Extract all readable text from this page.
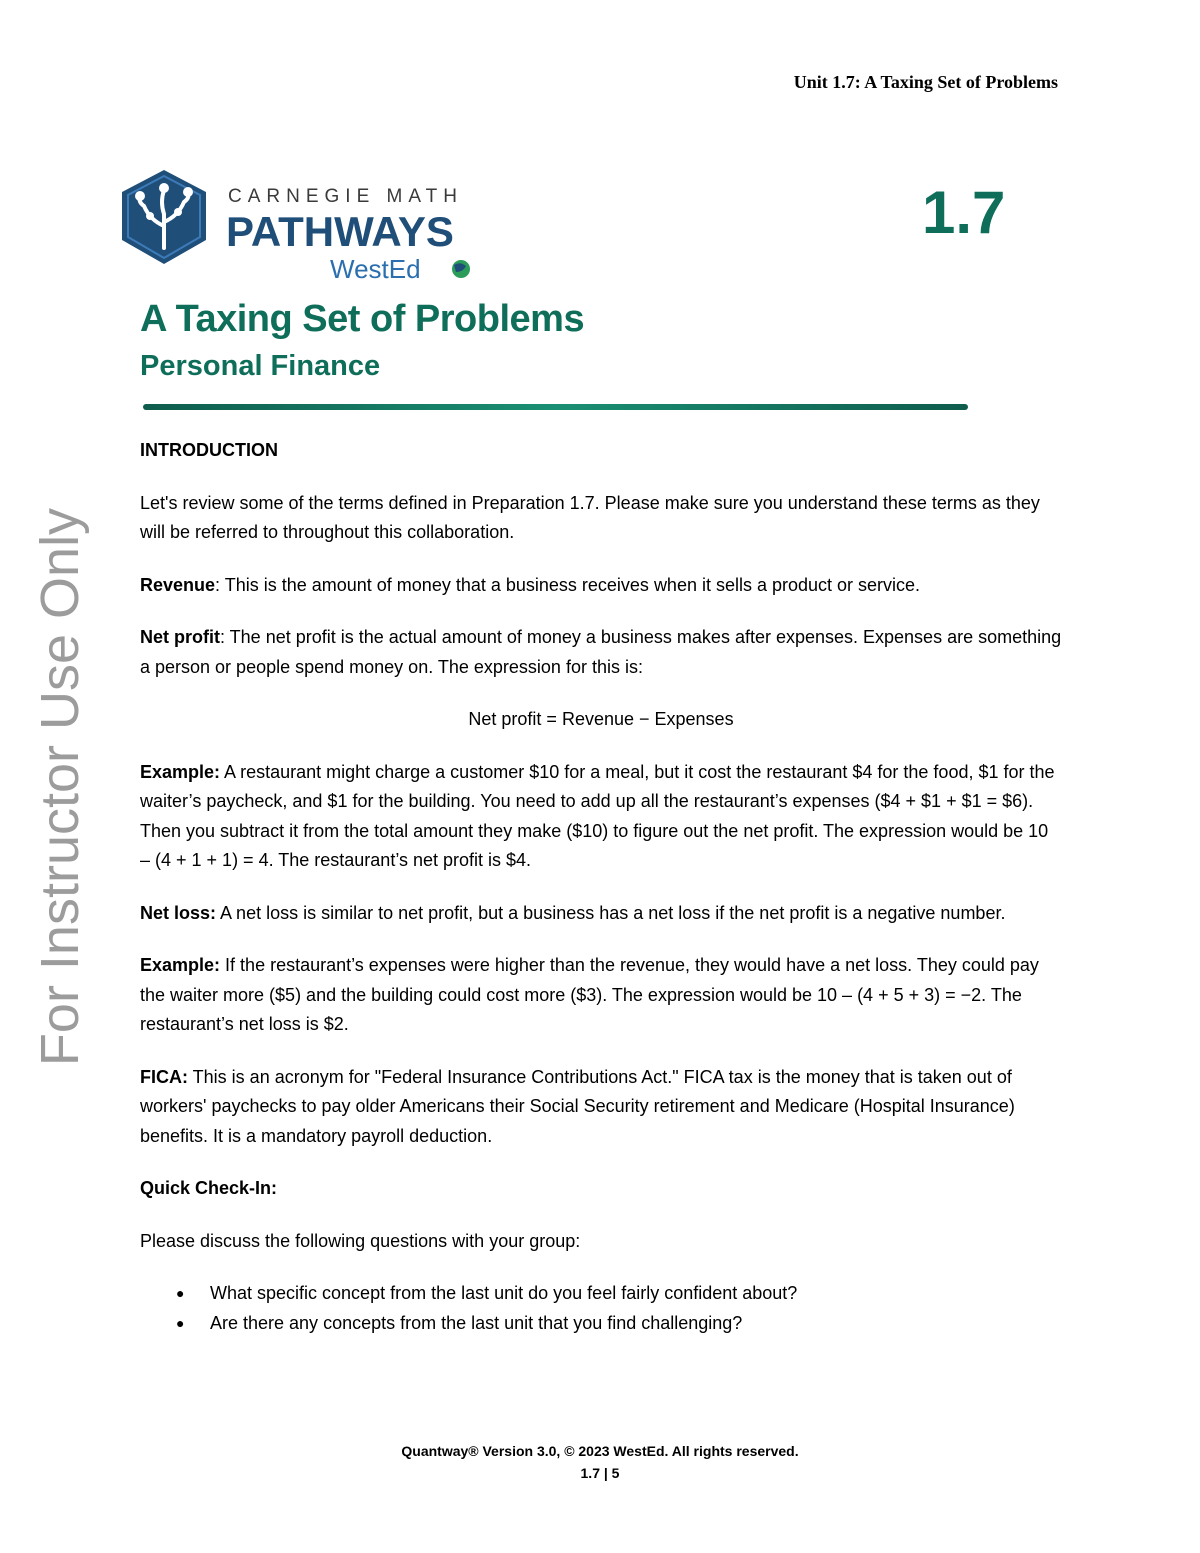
Unit 1.7: A Taxing Set of Problems
CARNEGIE MATH
PATHWAYS
WestEd
1.7
A Taxing Set of Problems
Personal Finance
For Instructor Use Only
INTRODUCTION

Let's review some of the terms defined in Preparation 1.7. Please make sure you understand these terms as they will be referred to throughout this collaboration.

Revenue: This is the amount of money that a business receives when it sells a product or service.

Net profit: The net profit is the actual amount of money a business makes after expenses. Expenses are something a person or people spend money on. The expression for this is:

Net profit = Revenue − Expenses

Example: A restaurant might charge a customer $10 for a meal, but it cost the restaurant $4 for the food, $1 for the waiter’s paycheck, and $1 for the building. You need to add up all the restaurant’s expenses ($4 + $1 + $1 = $6). Then you subtract it from the total amount they make ($10) to figure out the net profit. The expression would be 10 – (4 + 1 + 1) = 4. The restaurant’s net profit is $4.

Net loss: A net loss is similar to net profit, but a business has a net loss if the net profit is a negative number.

Example: If the restaurant’s expenses were higher than the revenue, they would have a net loss. They could pay the waiter more ($5) and the building could cost more ($3). The expression would be 10 – (4 + 5 + 3) = −2. The restaurant’s net loss is $2.

FICA: This is an acronym for "Federal Insurance Contributions Act." FICA tax is the money that is taken out of workers' paychecks to pay older Americans their Social Security retirement and Medicare (Hospital Insurance) benefits. It is a mandatory payroll deduction.

Quick Check-In:

Please discuss the following questions with your group:

● What specific concept from the last unit do you feel fairly confident about?
● Are there any concepts from the last unit that you find challenging?
Quantway® Version 3.0, © 2023 WestEd. All rights reserved.
1.7 | 5
